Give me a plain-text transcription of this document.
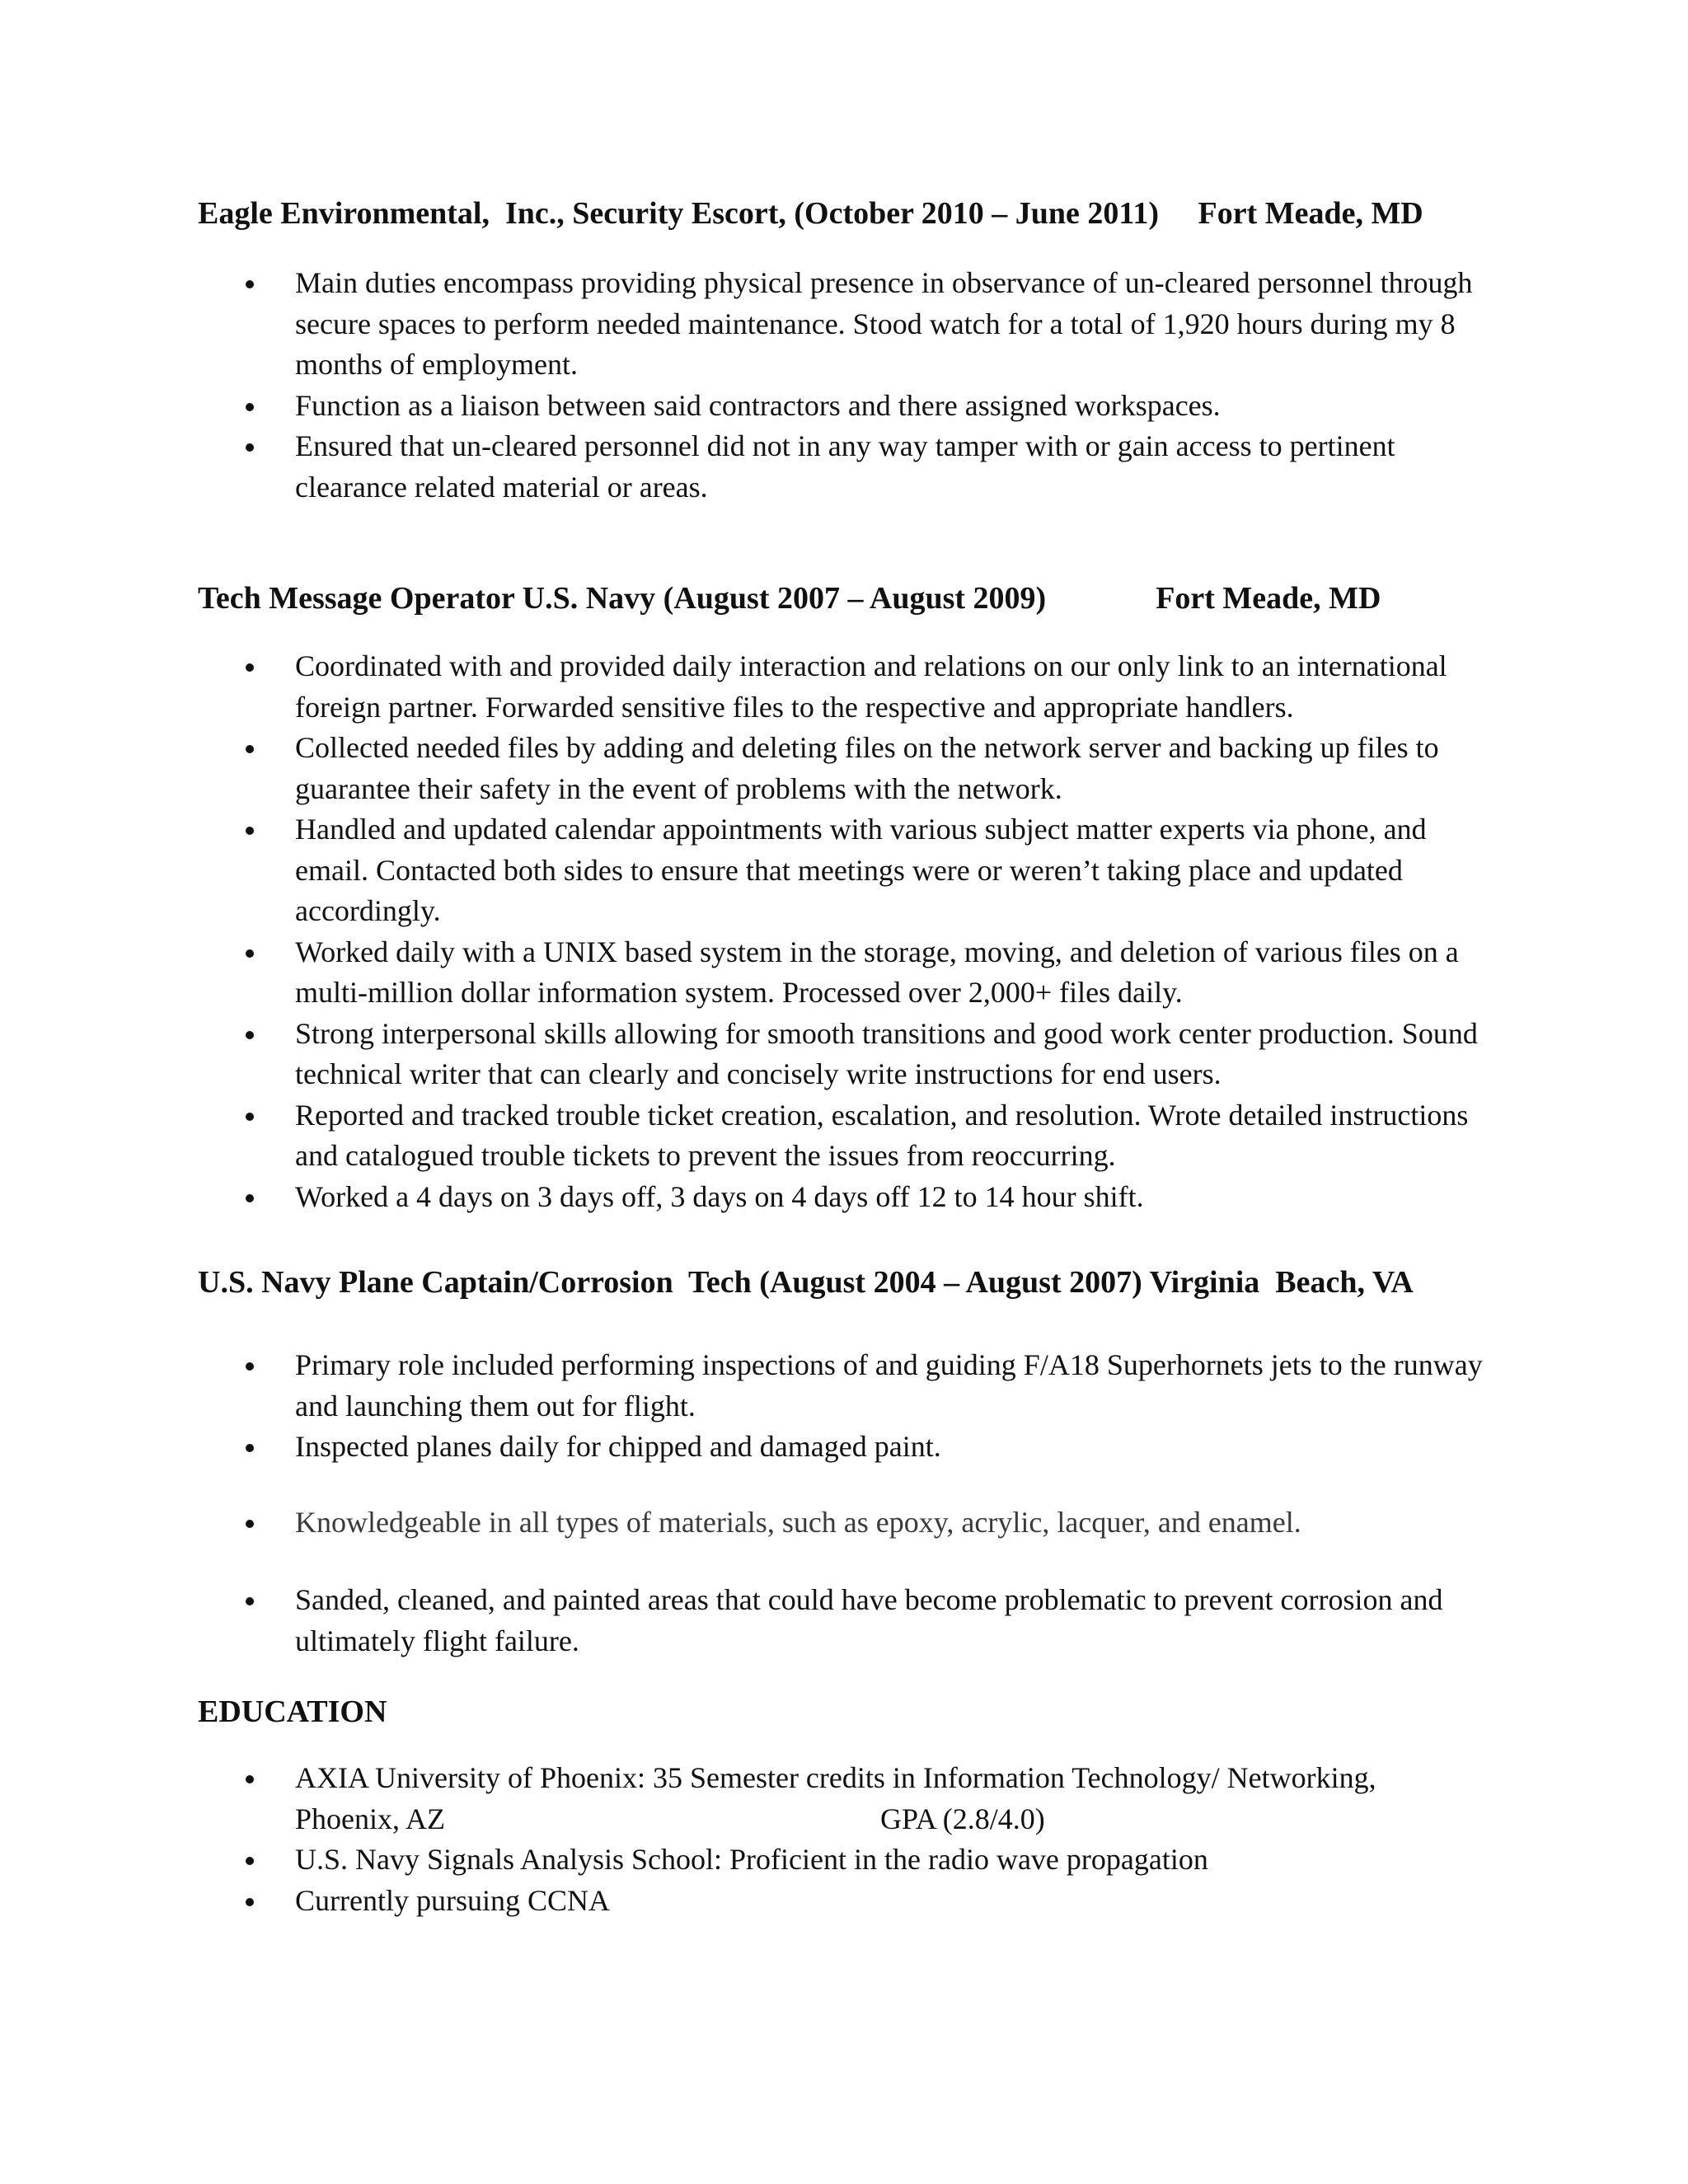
Eagle Environmental,  Inc., Security Escort, (October 2010 – June 2011)     Fort Meade, MD

Main duties encompass providing physical presence in observance of un-cleared personnel through secure spaces to perform needed maintenance. Stood watch for a total of 1,920 hours during my 8 months of employment.
Function as a liaison between said contractors and there assigned workspaces.
Ensured that un-cleared personnel did not in any way tamper with or gain access to pertinent clearance related material or areas.

Tech Message Operator U.S. Navy (August 2007 – August 2009)              Fort Meade, MD

Coordinated with and provided daily interaction and relations on our only link to an international foreign partner. Forwarded sensitive files to the respective and appropriate handlers.
Collected needed files by adding and deleting files on the network server and backing up files to guarantee their safety in the event of problems with the network.
Handled and updated calendar appointments with various subject matter experts via phone, and email. Contacted both sides to ensure that meetings were or weren’t taking place and updated accordingly.
Worked daily with a UNIX based system in the storage, moving, and deletion of various files on a multi-million dollar information system. Processed over 2,000+ files daily.
Strong interpersonal skills allowing for smooth transitions and good work center production. Sound technical writer that can clearly and concisely write instructions for end users.
Reported and tracked trouble ticket creation, escalation, and resolution. Wrote detailed instructions and catalogued trouble tickets to prevent the issues from reoccurring.
Worked a 4 days on 3 days off, 3 days on 4 days off 12 to 14 hour shift.

U.S. Navy Plane Captain/Corrosion  Tech (August 2004 – August 2007) Virginia  Beach, VA

Primary role included performing inspections of and guiding F/A18 Superhornets jets to the runway and launching them out for flight.
Inspected planes daily for chipped and damaged paint.
Knowledgeable in all types of materials, such as epoxy, acrylic, lacquer, and enamel.
Sanded, cleaned, and painted areas that could have become problematic to prevent corrosion and ultimately flight failure.

EDUCATION

AXIA University of Phoenix: 35 Semester credits in Information Technology/ Networking,
Phoenix, AZ	GPA (2.8/4.0)
U.S. Navy Signals Analysis School: Proficient in the radio wave propagation
Currently pursuing CCNA
